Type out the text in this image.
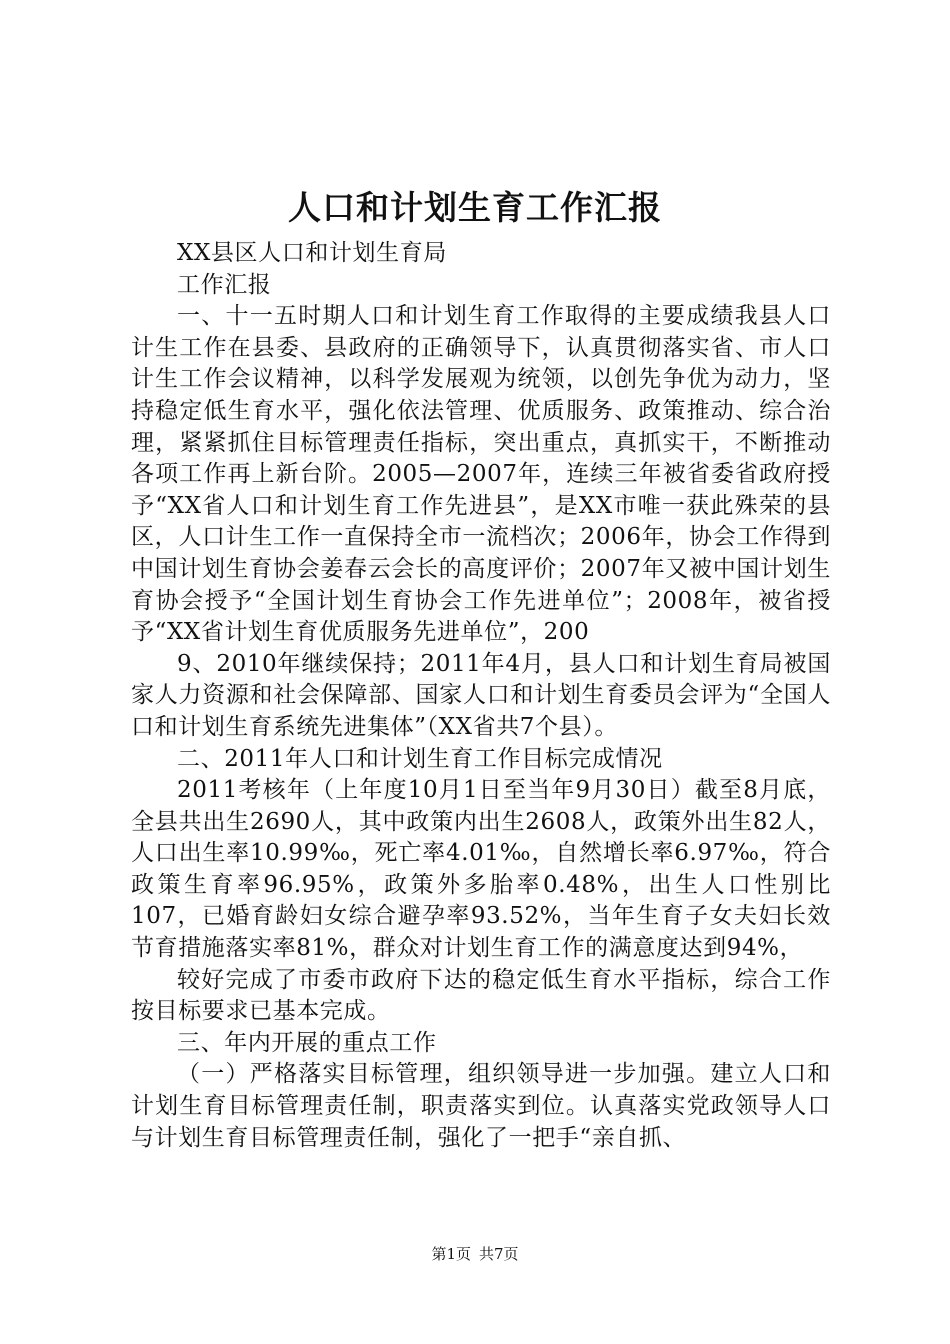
人口和计划生育工作汇报

XX县区人口和计划生育局

工作汇报

一、十一五时期人口和计划生育工作取得的主要成绩我县人口计生工作在县委、县政府的正确领导下，认真贯彻落实省、市人口计生工作会议精神，以科学发展观为统领，以创先争优为动力，坚持稳定低生育水平，强化依法管理、优质服务、政策推动、综合治理，紧紧抓住目标管理责任指标，突出重点，真抓实干，不断推动各项工作再上新台阶。2005—2007年，连续三年被省委省政府授予“XX省人口和计划生育工作先进县”，是XX市唯一获此殊荣的县区，人口计生工作一直保持全市一流档次；2006年，协会工作得到中国计划生育协会姜春云会长的高度评价；2007年又被中国计划生育协会授予“全国计划生育协会工作先进单位”；2008年，被省授予“XX省计划生育优质服务先进单位”，200

9、2010年继续保持；2011年4月，县人口和计划生育局被国家人力资源和社会保障部、国家人口和计划生育委员会评为“全国人口和计划生育系统先进集体”（XX省共7个县）。

二、2011年人口和计划生育工作目标完成情况

2011考核年（上年度10月1日至当年9月30日）截至8月底，全县共出生2690人，其中政策内出生2608人，政策外出生82人，人口出生率10.99‰，死亡率4.01‰，自然增长率6.97‰，符合政策生育率96.95%，政策外多胎率0.48%，出生人口性别比107，已婚育龄妇女综合避孕率93.52%，当年生育子女夫妇长效节育措施落实率81%，群众对计划生育工作的满意度达到94%，

较好完成了市委市政府下达的稳定低生育水平指标，综合工作按目标要求已基本完成。

三、年内开展的重点工作

（一）严格落实目标管理，组织领导进一步加强。建立人口和计划生育目标管理责任制，职责落实到位。认真落实党政领导人口与计划生育目标管理责任制，强化了一把手“亲自抓、

第1页 共7页
